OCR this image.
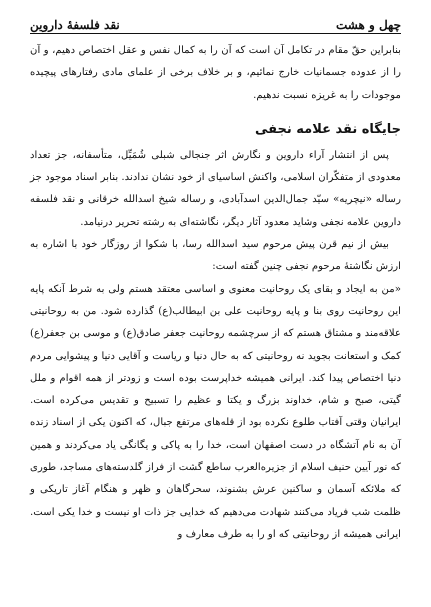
چهل و هشت
نقد فلسفهٔ داروین

بنابراین حقّ مقام در تکامل آن است که آن را به کمال نفس و عقل اختصاص دهیم، و آن را از عدوده جسمانیات خارج نمائیم، و بر خلاف برخی از علمای مادی رفتارهای پیچیده موجودات را به غریزه نسبت ندهیم.

جایگاه نقد علامه نجفی

پس از انتشار آراء داروین و نگارش اثر جنجالی شبلی شُمَیِّل، متأسفانه، جز تعداد معدودی از متفکّران اسلامی، واکنش اساسیای از خود نشان ندادند. بنابر اسناد موجود جز رساله «نیچریه» سیّد جمال‌الدین اسدآبادی، و رساله شیخ اسدالله خرقانی و نقد فلسفه داروین علامه نجفی وشاید معدود آثار دیگر، نگاشته‌ای به رشته تحریر درنیامد.

بیش از نیم قرن پیش مرحوم سید اسدالله رسا، با شکوا از روزگار خود با اشاره به ارزش نگاشتهٔ مرحوم نجفی چنین گفته است:

«من به ایجاد و بقای یک روحانیت معنوی و اساسی معتقد هستم ولی به شرط آنکه پایه این روحانیت روی بنا و پایه روحانیت علی بن ابیطالب(ع) گذارده شود. من به روحانیتی علاقه‌مند و مشتاق هستم که از سرچشمه روحانیت جعفر صادق(ع) و موسی بن جعفر(ع) کمک و استعانت بجوید نه روحانیتی که به حال دنیا و ریاست و آقایی دنیا و پیشوایی مردم دنیا اختصاص پیدا کند. ایرانی همیشه خداپرست بوده است و زودتر از همه اقوام و ملل گیتی، صبح و شام، خداوند بزرگ و یکتا و عظیم را تسبیح و تقدیس می‌کرده است. ایرانیان وقتی آفتاب طلوع نکرده بود از قله‌های مرتفع جبال، که اکنون یکی از اسناد زنده آن به نام آتشگاه در دست اصفهان است، خدا را به پاکی و یگانگی یاد می‌کردند و همین که نور آیین حنیف اسلام از جزیره‌العرب ساطع گشت از فراز گلدسته‌های مساجد، طوری که ملائکه آسمان و ساکنین عرش بشنوند، سحرگاهان و ظهر و هنگام آغاز تاریکی و ظلمت شب فریاد می‌کنند شهادت می‌دهیم که خدایی جز ذات او نیست و خدا یکی است. ایرانی همیشه از روحانیتی که او را به طرف معارف و
